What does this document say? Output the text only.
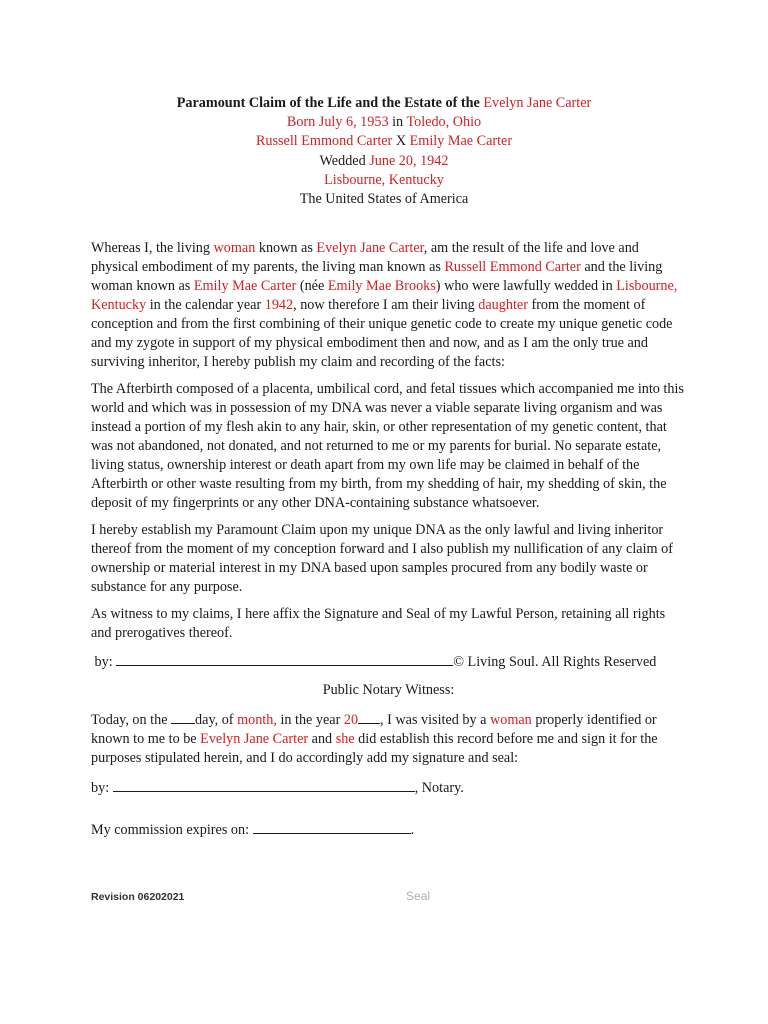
Paramount Claim of the Life and the Estate of the Evelyn Jane Carter
Born July 6, 1953 in Toledo, Ohio
Russell Emmond Carter X Emily Mae Carter
Wedded June 20, 1942
Lisbourne, Kentucky
The United States of America

Whereas I, the living woman known as Evelyn Jane Carter, am the result of the life and love and physical embodiment of my parents, the living man known as Russell Emmond Carter and the living woman known as Emily Mae Carter (née Emily Mae Brooks) who were lawfully wedded in Lisbourne, Kentucky in the calendar year 1942, now therefore I am their living daughter from the moment of conception and from the first combining of their unique genetic code to create my unique genetic code and my zygote in support of my physical embodiment then and now, and as I am the only true and surviving inheritor, I hereby publish my claim and recording of the facts:

The Afterbirth composed of a placenta, umbilical cord, and fetal tissues which accompanied me into this world and which was in possession of my DNA was never a viable separate living organism and was instead a portion of my flesh akin to any hair, skin, or other representation of my genetic content, that was not abandoned, not donated, and not returned to me or my parents for burial. No separate estate, living status, ownership interest or death apart from my own life may be claimed in behalf of the Afterbirth or other waste resulting from my birth, from my shedding of hair, my shedding of skin, the deposit of my fingerprints or any other DNA-containing substance whatsoever.

I hereby establish my Paramount Claim upon my unique DNA as the only lawful and living inheritor thereof from the moment of my conception forward and I also publish my nullification of any claim of ownership or material interest in my DNA based upon samples procured from any bodily waste or substance for any purpose.

As witness to my claims, I here affix the Signature and Seal of my Lawful Person, retaining all rights and prerogatives thereof.

by:	© Living Soul. All Rights Reserved

Public Notary Witness:

Today, on the day, of month, in the year 20 , I was visited by a woman properly identified or known to me to be Evelyn Jane Carter and she did establish this record before me and sign it for the purposes stipulated herein, and I do accordingly add my signature and seal:

by:	, Notary.
My commission expires on:	.
Revision 06202021	Seal
